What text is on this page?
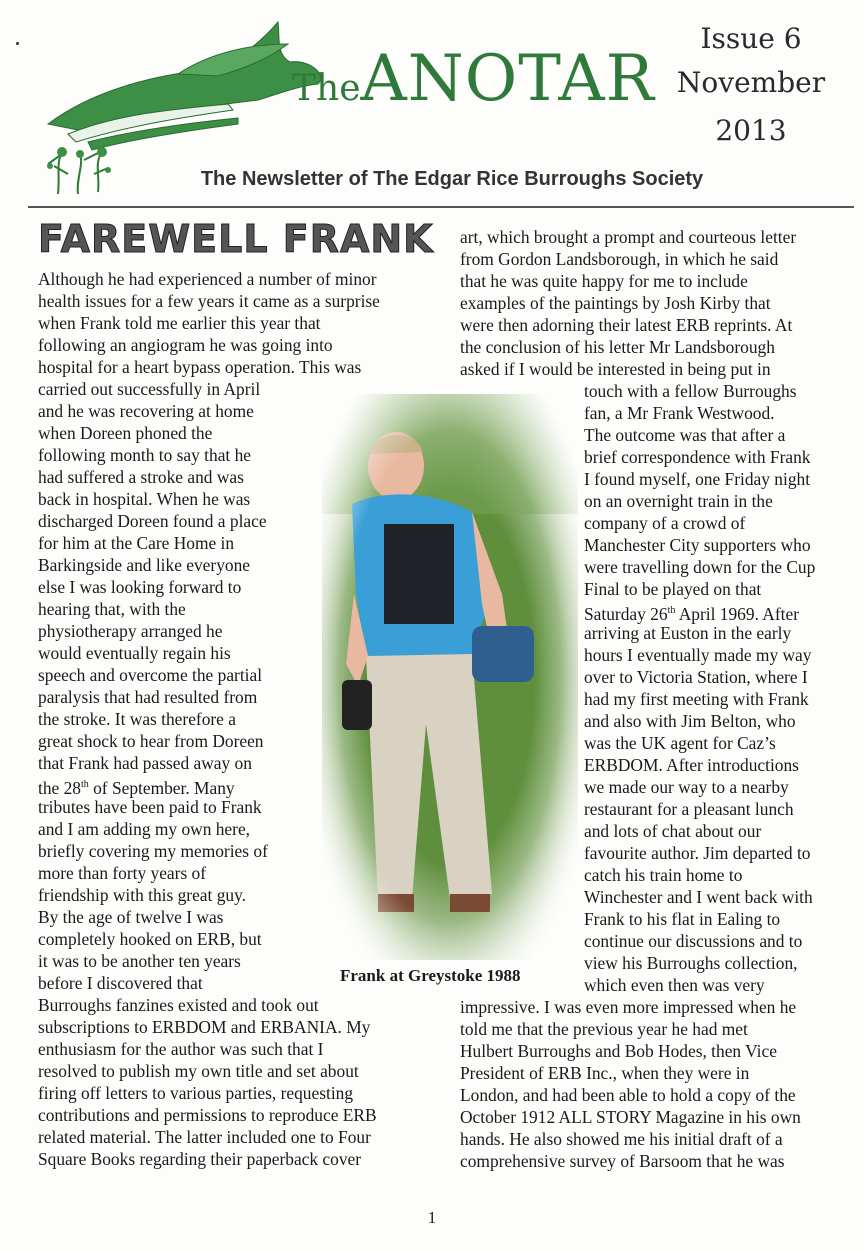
TheANOTAR
Issue 6
November
2013
The Newsletter of The Edgar Rice Burroughs Society
FAREWELL FRANK
Although he had experienced a number of minor
health issues for a few years it came as a surprise
when Frank told me earlier this year that
following an angiogram he was going into
hospital for a heart bypass operation. This was
carried out successfully in April
and he was recovering at home
when Doreen phoned the
following month to say that he
had suffered a stroke and was
back in hospital. When he was
discharged Doreen found a place
for him at the Care Home in
Barkingside and like everyone
else I was looking forward to
hearing that, with the
physiotherapy arranged he
would eventually regain his
speech and overcome the partial
paralysis that had resulted from
the stroke. It was therefore a
great shock to hear from Doreen
that Frank had passed away on
the 28th of September. Many
tributes have been paid to Frank
and I am adding my own here,
briefly covering my memories of
more than forty years of
friendship with this great guy.
By the age of twelve I was
completely hooked on ERB, but
it was to be another ten years
before I discovered that
Burroughs fanzines existed and took out
subscriptions to ERBDOM and ERBANIA. My
enthusiasm for the author was such that I
resolved to publish my own title and set about
firing off letters to various parties, requesting
contributions and permissions to reproduce ERB
related material. The latter included one to Four
Square Books regarding their paperback cover
art, which brought a prompt and courteous letter
from Gordon Landsborough, in which he said
that he was quite happy for me to include
examples of the paintings by Josh Kirby that
were then adorning their latest ERB reprints. At
the conclusion of his letter Mr Landsborough
asked if I would be interested in being put in
touch with a fellow Burroughs
fan, a Mr Frank Westwood.
The outcome was that after a
brief correspondence with Frank
I found myself, one Friday night
on an overnight train in the
company of a crowd of
Manchester City supporters who
were travelling down for the Cup
Final to be played on that
Saturday 26th April 1969. After
arriving at Euston in the early
hours I eventually made my way
over to Victoria Station, where I
had my first meeting with Frank
and also with Jim Belton, who
was the UK agent for Caz’s
ERBDOM. After introductions
we made our way to a nearby
restaurant for a pleasant lunch
and lots of chat about our
favourite author. Jim departed to
catch his train home to
Winchester and I went back with
Frank to his flat in Ealing to
continue our discussions and to
view his Burroughs collection,
which even then was very
impressive. I was even more impressed when he
told me that the previous year he had met
Hulbert Burroughs and Bob Hodes, then Vice
President of ERB Inc., when they were in
London, and had been able to hold a copy of the
October 1912 ALL STORY Magazine in his own
hands. He also showed me his initial draft of a
comprehensive survey of Barsoom that he was
Frank at Greystoke 1988
1
